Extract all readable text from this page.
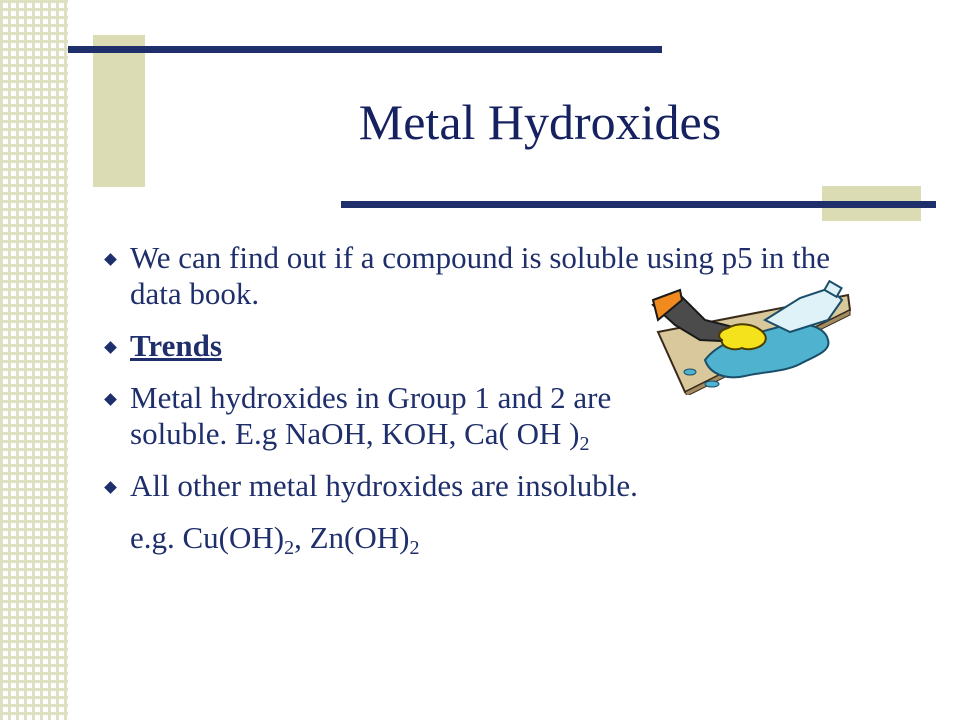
Metal Hydroxides
We can find out if a compound is soluble using p5 in the data book.
Trends
Metal hydroxides in Group 1 and 2 are
soluble. E.g NaOH, KOH, Ca( OH )$_2$
All other metal hydroxides are insoluble.
e.g. $Cu(OH)_2$, $Zn(OH)_2$
